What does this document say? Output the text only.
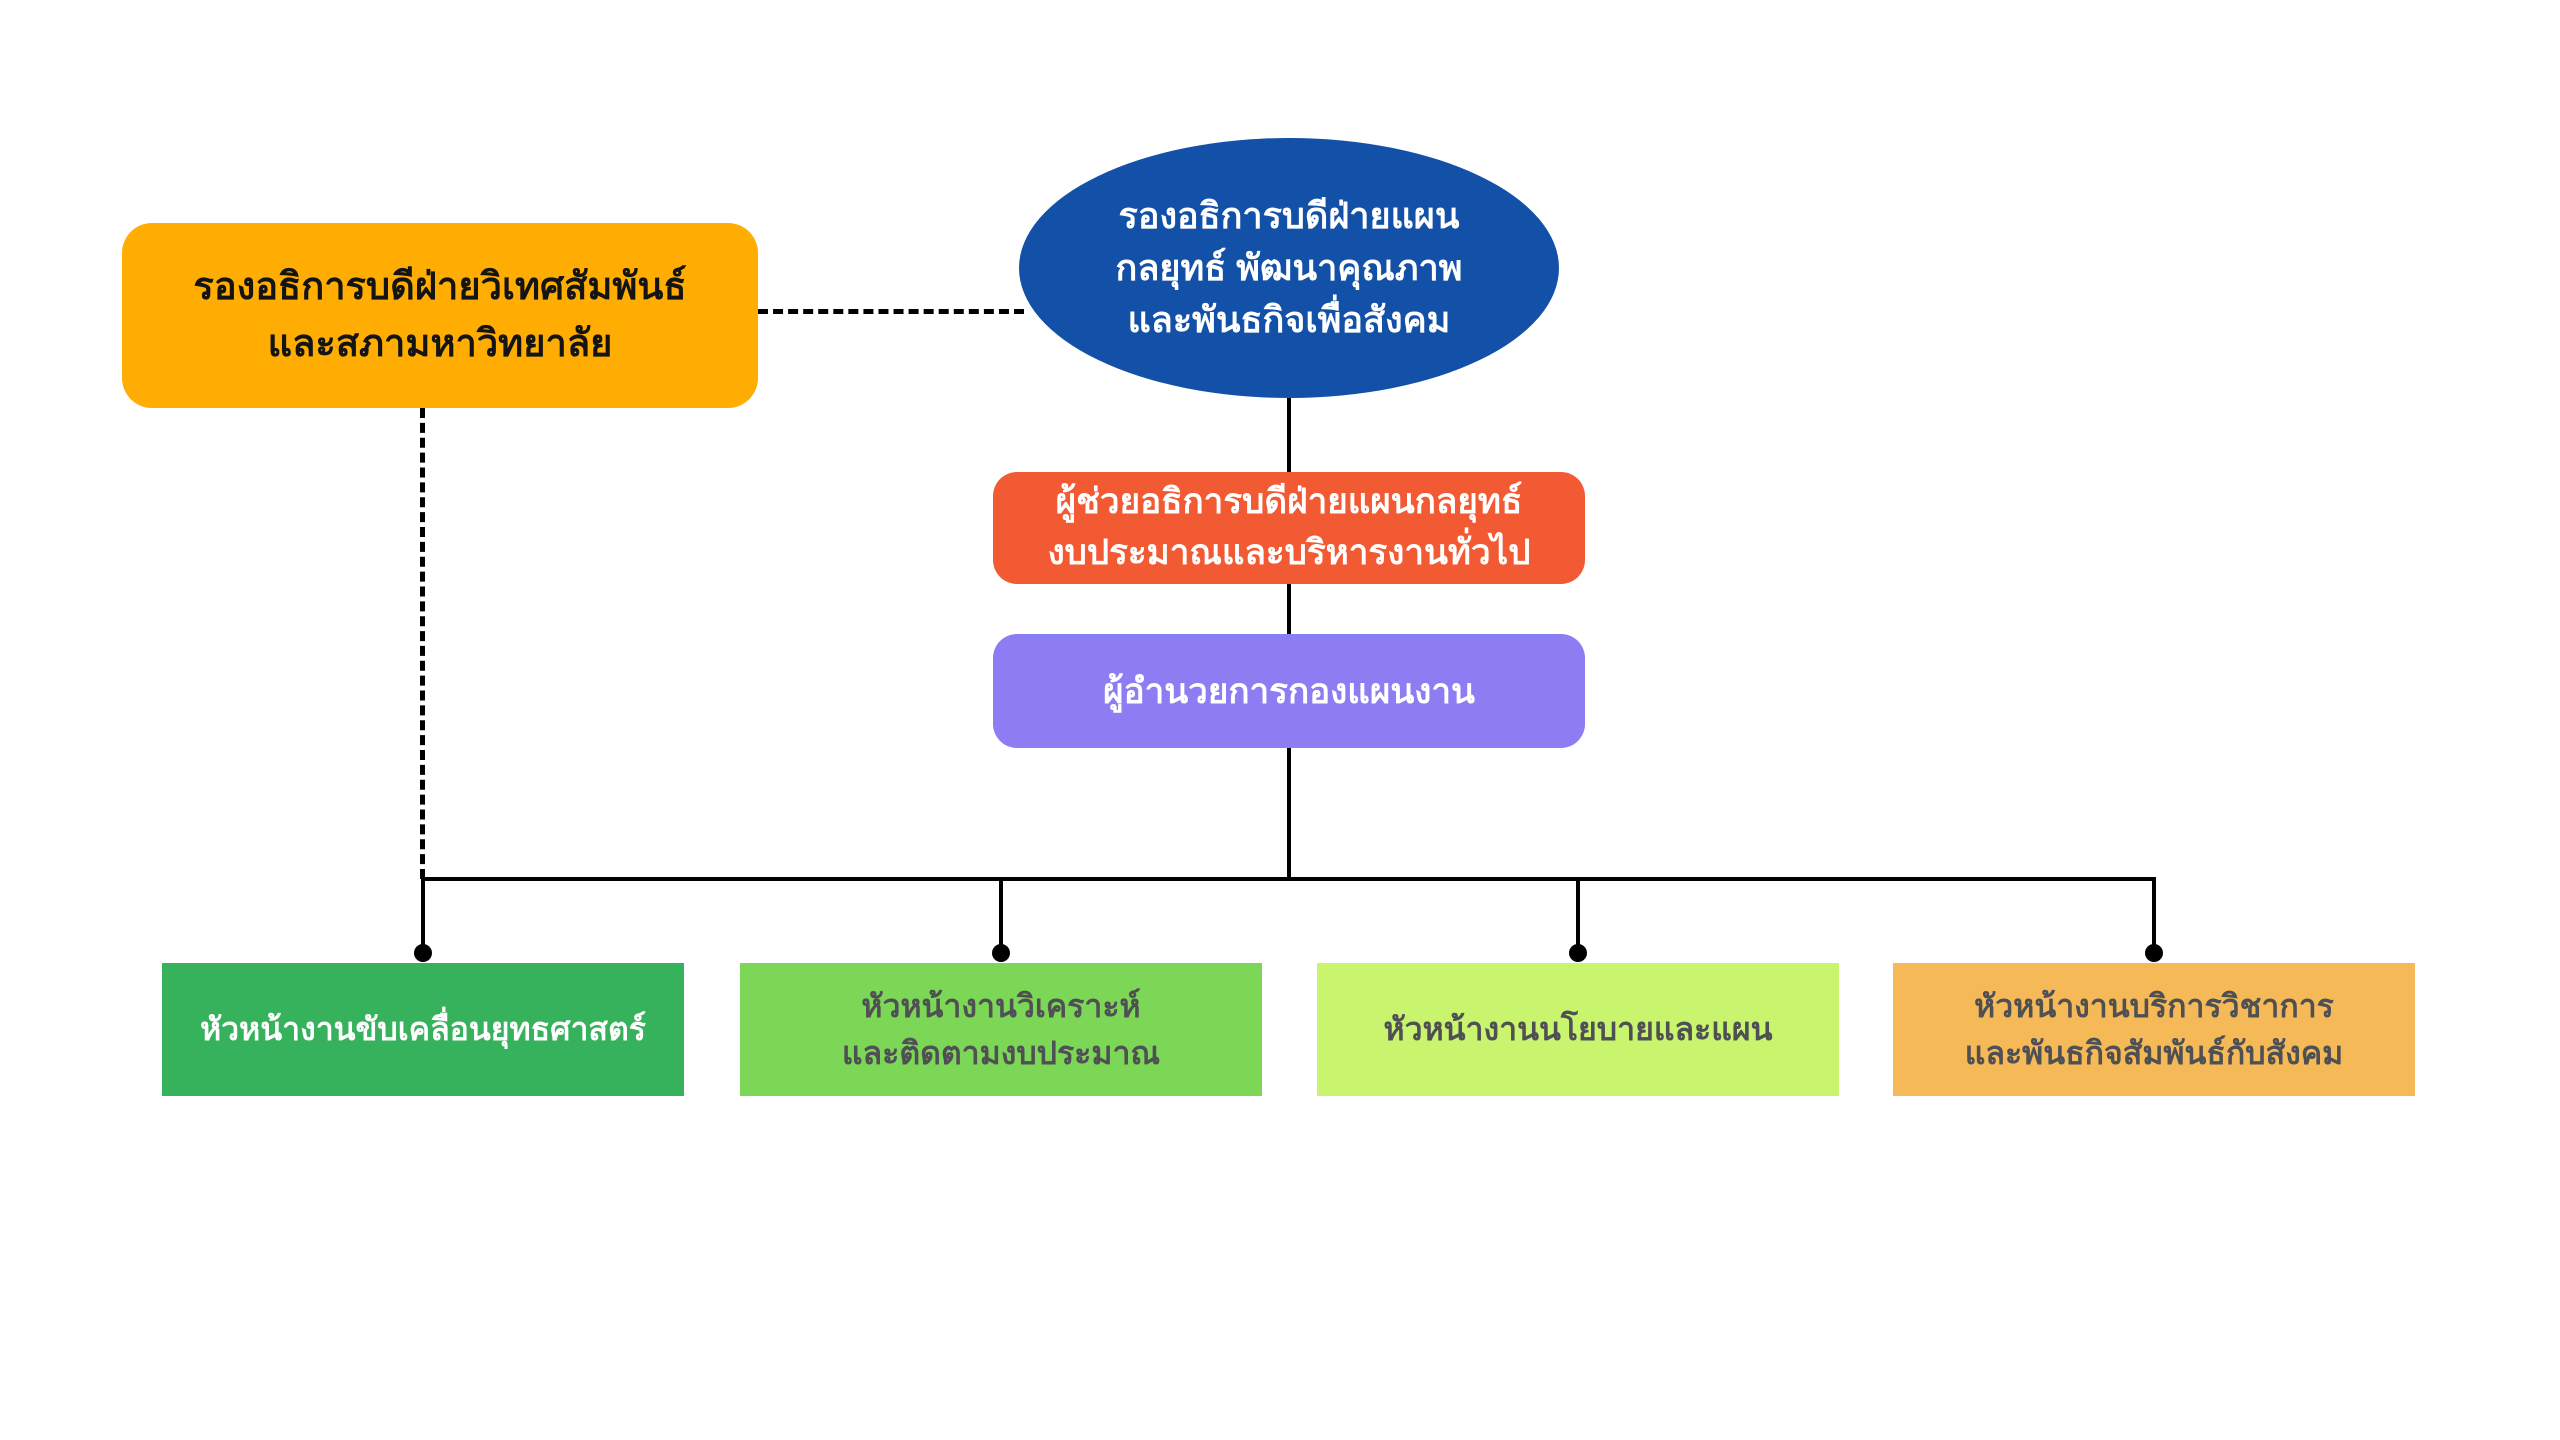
รองอธิการบดีฝ่ายวิเทศสัมพันธ์
และสภามหาวิทยาลัย
รองอธิการบดีฝ่ายแผน
กลยุทธ์ พัฒนาคุณภาพ
และพันธกิจเพื่อสังคม
ผู้ช่วยอธิการบดีฝ่ายแผนกลยุทธ์
งบประมาณและบริหารงานทั่วไป
ผู้อำนวยการกองแผนงาน
หัวหน้างานขับเคลื่อนยุทธศาสตร์
หัวหน้างานวิเคราะห์
และติดตามงบประมาณ
หัวหน้างานนโยบายและแผน
หัวหน้างานบริการวิชาการ
และพันธกิจสัมพันธ์กับสังคม
